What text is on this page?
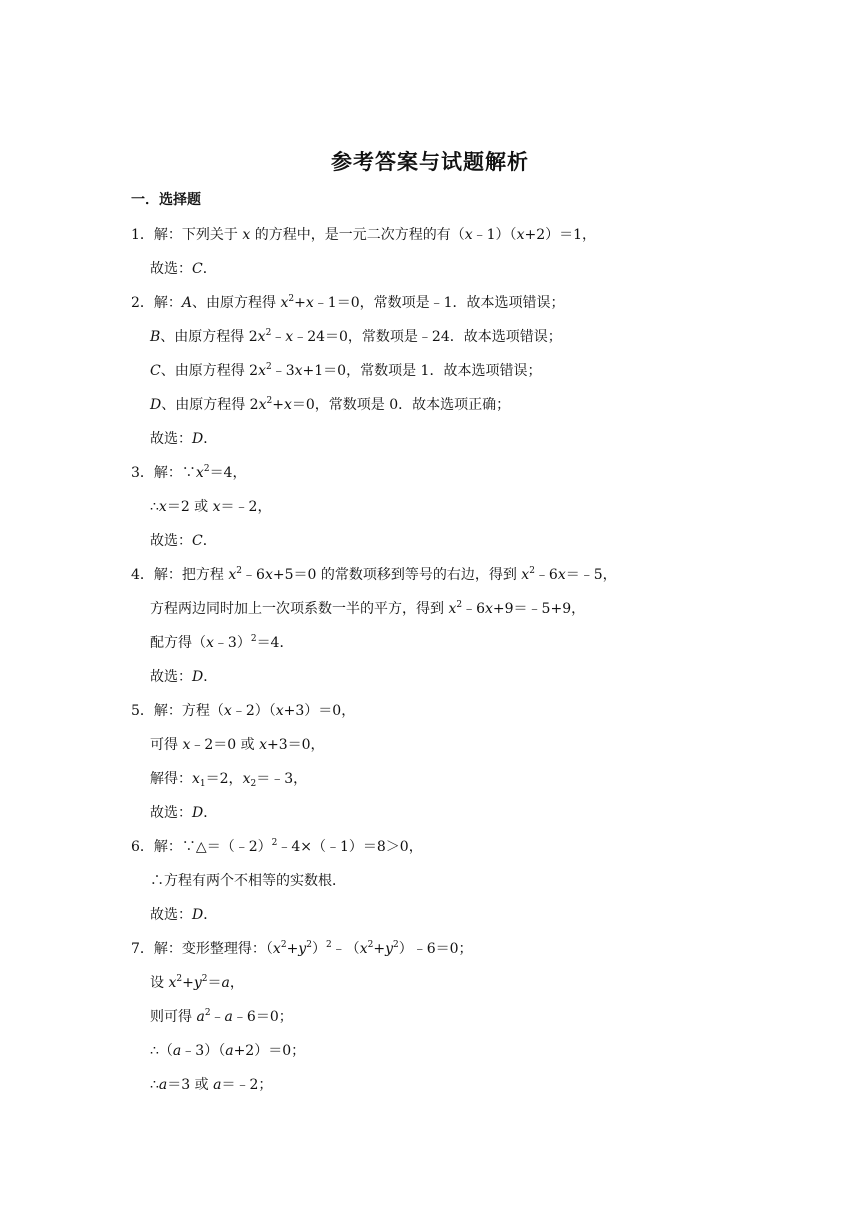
参考答案与试题解析
一．选择题
1．解：下列关于 x 的方程中，是一元二次方程的有（x﹣1）（x+2）＝1，
故选：C．
2．解：A、由原方程得 $x^2+x﹣1=0$，常数项是﹣1．故本选项错误；
B、由原方程得 $2x^2﹣x﹣24=0$，常数项是﹣24．故本选项错误；
C、由原方程得 $2x^2﹣3x+1=0$，常数项是 1．故本选项错误；
D、由原方程得 $2x^2+x=0$，常数项是 0．故本选项正确；
故选：D．
3．解：$\because x^2=4$，
∴x＝2 或 x＝﹣2，
故选：C．
4．解：把方程 $x^2﹣6x+5=0$ 的常数项移到等号的右边，得到 $x^2﹣6x=﹣5$，
方程两边同时加上一次项系数一半的平方，得到 $x^2﹣6x+9=﹣5+9$，
配方得（x﹣3）$^2$＝4．
故选：D．
5．解：方程（x﹣2）（x+3）＝0，
可得 x﹣2＝0 或 x+3＝0，
解得：$x_1=2$，$x_2=﹣3$，
故选：D．
6．解：∵△＝（﹣2）$^2$﹣4×（﹣1）＝8＞0，
∴方程有两个不相等的实数根．
故选：D．
7．解：变形整理得：$(x^2+y^2)^2﹣(x^2+y^2)﹣6=0$；
设 $x^2+y^2=a$，
则可得 $a^2﹣a﹣6=0$；
∴（a﹣3）（a+2）＝0；
∴a＝3 或 a＝﹣2；
